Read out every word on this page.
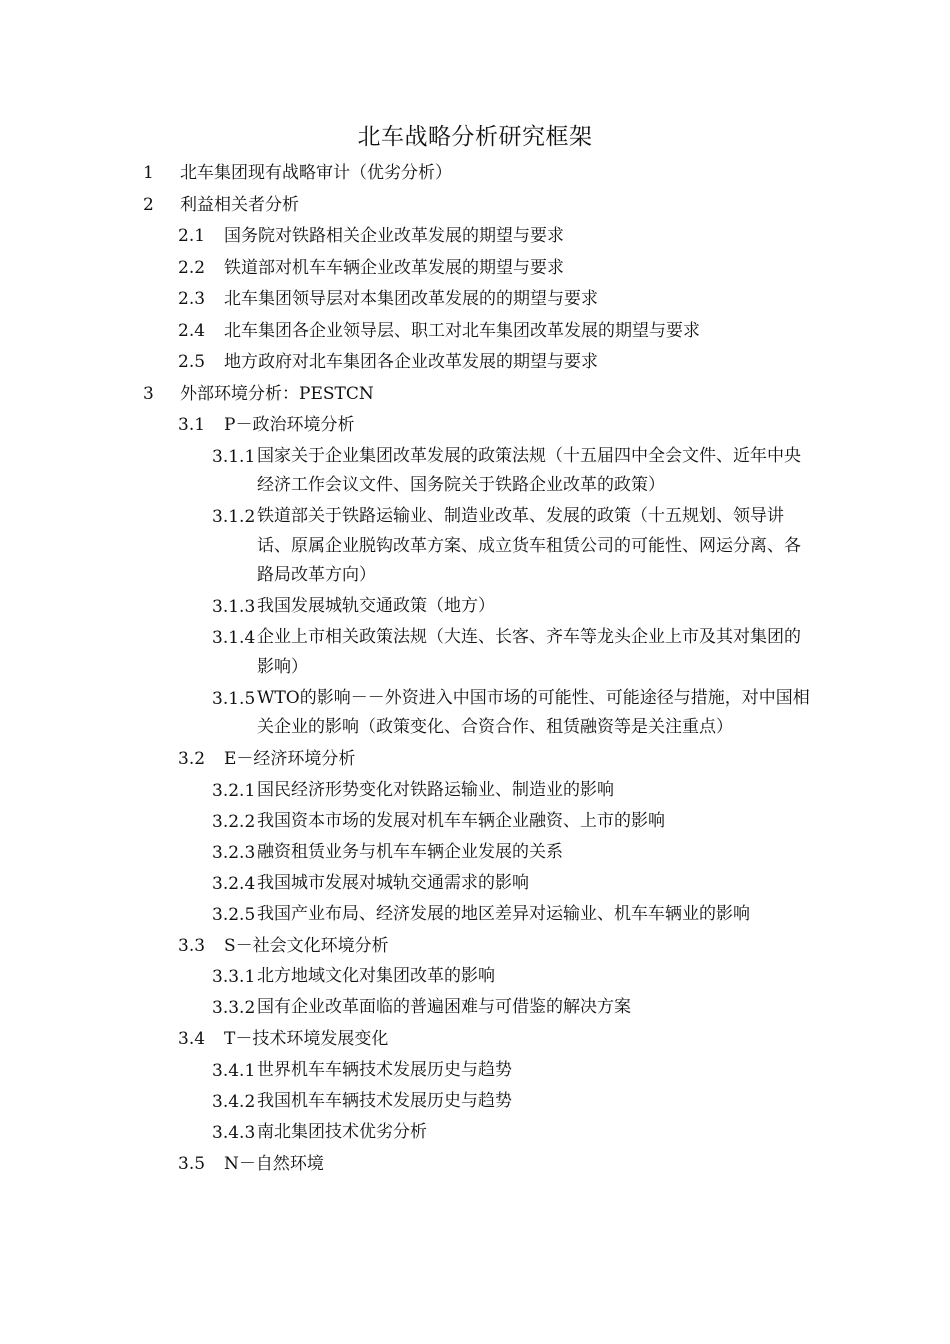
北车战略分析研究框架
1 北车集团现有战略审计（优劣分析）
2 利益相关者分析
2.1 国务院对铁路相关企业改革发展的期望与要求
2.2 铁道部对机车车辆企业改革发展的期望与要求
2.3 北车集团领导层对本集团改革发展的的期望与要求
2.4 北车集团各企业领导层、职工对北车集团改革发展的期望与要求
2.5 地方政府对北车集团各企业改革发展的期望与要求
3 外部环境分析：PESTCN
3.1 P－政治环境分析
3.1.1 国家关于企业集团改革发展的政策法规（十五届四中全会文件、近年中央经济工作会议文件、国务院关于铁路企业改革的政策）
3.1.2 铁道部关于铁路运输业、制造业改革、发展的政策（十五规划、领导讲话、原属企业脱钩改革方案、成立货车租赁公司的可能性、网运分离、各路局改革方向）
3.1.3 我国发展城轨交通政策（地方）
3.1.4 企业上市相关政策法规（大连、长客、齐车等龙头企业上市及其对集团的影响）
3.1.5 WTO的影响－－外资进入中国市场的可能性、可能途径与措施，对中国相关企业的影响（政策变化、合资合作、租赁融资等是关注重点）
3.2 E－经济环境分析
3.2.1 国民经济形势变化对铁路运输业、制造业的影响
3.2.2 我国资本市场的发展对机车车辆企业融资、上市的影响
3.2.3 融资租赁业务与机车车辆企业发展的关系
3.2.4 我国城市发展对城轨交通需求的影响
3.2.5 我国产业布局、经济发展的地区差异对运输业、机车车辆业的影响
3.3 S－社会文化环境分析
3.3.1 北方地域文化对集团改革的影响
3.3.2 国有企业改革面临的普遍困难与可借鉴的解决方案
3.4 T－技术环境发展变化
3.4.1 世界机车车辆技术发展历史与趋势
3.4.2 我国机车车辆技术发展历史与趋势
3.4.3 南北集团技术优劣分析
3.5 N－自然环境
